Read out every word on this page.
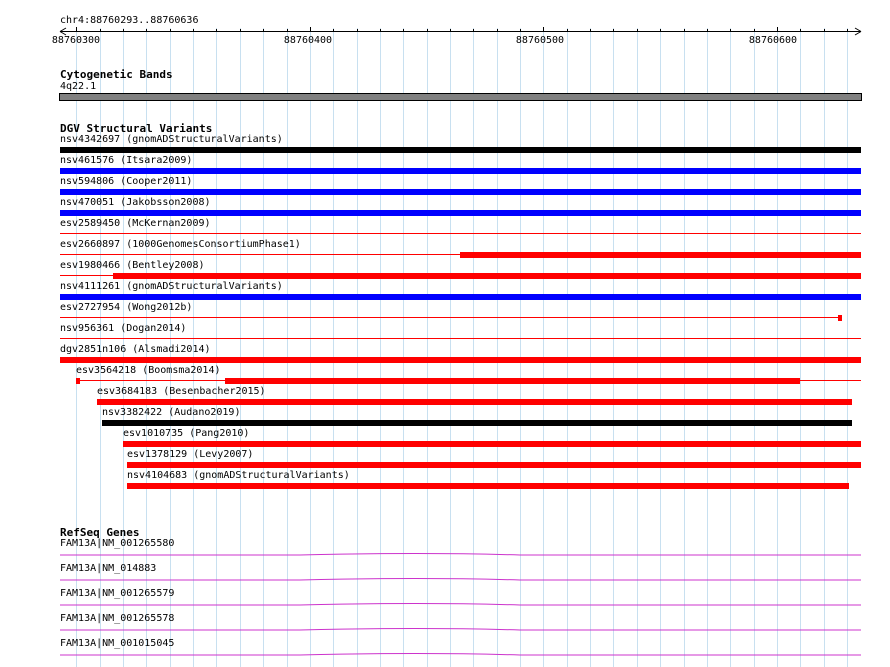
chr4:88760293..88760636
88760300	88760400	88760500	88760600
Cytogenetic Bands
4q22.1
DGV Structural Variants
nsv4342697 (gnomADStructuralVariants)
nsv461576 (Itsara2009)
nsv594806 (Cooper2011)
nsv470051 (Jakobsson2008)
esv2589450 (McKernan2009)
esv2660897 (1000GenomesConsortiumPhase1)
esv1980466 (Bentley2008)
nsv4111261 (gnomADStructuralVariants)
esv2727954 (Wong2012b)
nsv956361 (Dogan2014)
dgv2851n106 (Alsmadi2014)
esv3564218 (Boomsma2014)
esv3684183 (Besenbacher2015)
nsv3382422 (Audano2019)
esv1010735 (Pang2010)
esv1378129 (Levy2007)
nsv4104683 (gnomADStructuralVariants)
RefSeq Genes
FAM13A|NM_001265580
FAM13A|NM_014883
FAM13A|NM_001265579
FAM13A|NM_001265578
FAM13A|NM_001015045
